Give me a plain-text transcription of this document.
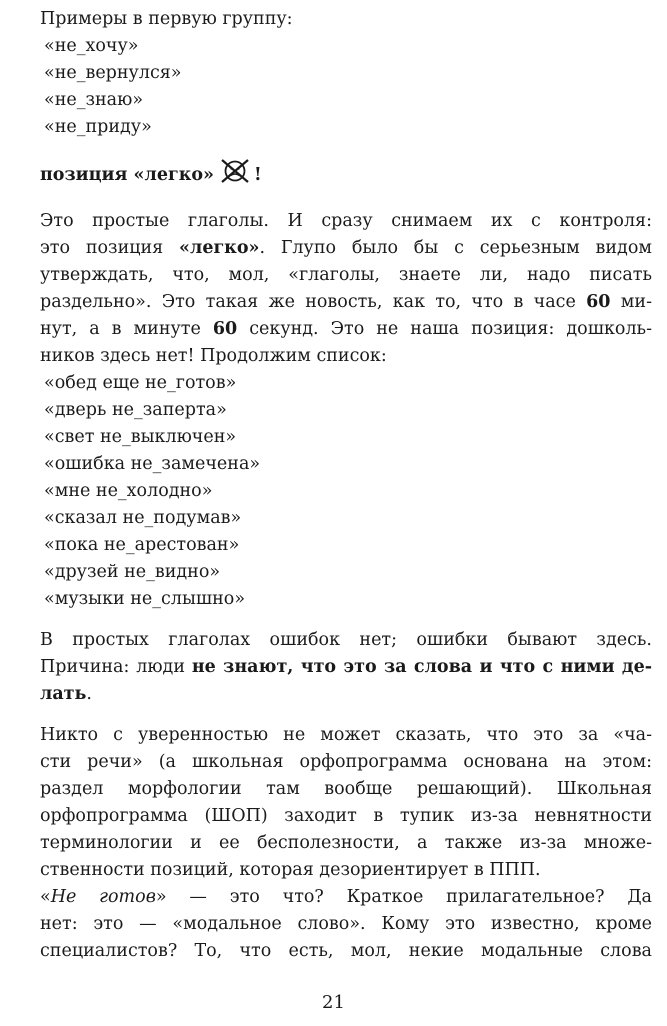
Примеры в первую группу:
«не_хочу»
«не_вернулся»
«не_знаю»
«не_приду»
позиция «легко» !
Это простые глаголы. И сразу снимаем их с контроля:
это позиция «легко». Глупо было бы с серьезным видом
утверждать, что, мол, «глаголы, знаете ли, надо писать
раздельно». Это такая же новость, как то, что в часе 60 ми-
нут, а в минуте 60 секунд. Это не наша позиция: дошколь-
ников здесь нет! Продолжим список:
«обед еще не_готов»
«дверь не_заперта»
«свет не_выключен»
«ошибка не_замечена»
«мне не_холодно»
«сказал не_подумав»
«пока не_арестован»
«друзей не_видно»
«музыки не_слышно»
В простых глаголах ошибок нет; ошибки бывают здесь.
Причина: люди не знают, что это за слова и что с ними де-
лать.
Никто с уверенностью не может сказать, что это за «ча-
сти речи» (а школьная орфопрограмма основана на этом:
раздел морфологии там вообще решающий). Школьная
орфопрограмма (ШОП) заходит в тупик из-за невнятности
терминологии и ее бесполезности, а также из-за множе-
ственности позиций, которая дезориентирует в ППП.
«Не готов» — это что? Краткое прилагательное? Да
нет: это — «модальное слово». Кому это известно, кроме
специалистов? То, что есть, мол, некие модальные слова
21
